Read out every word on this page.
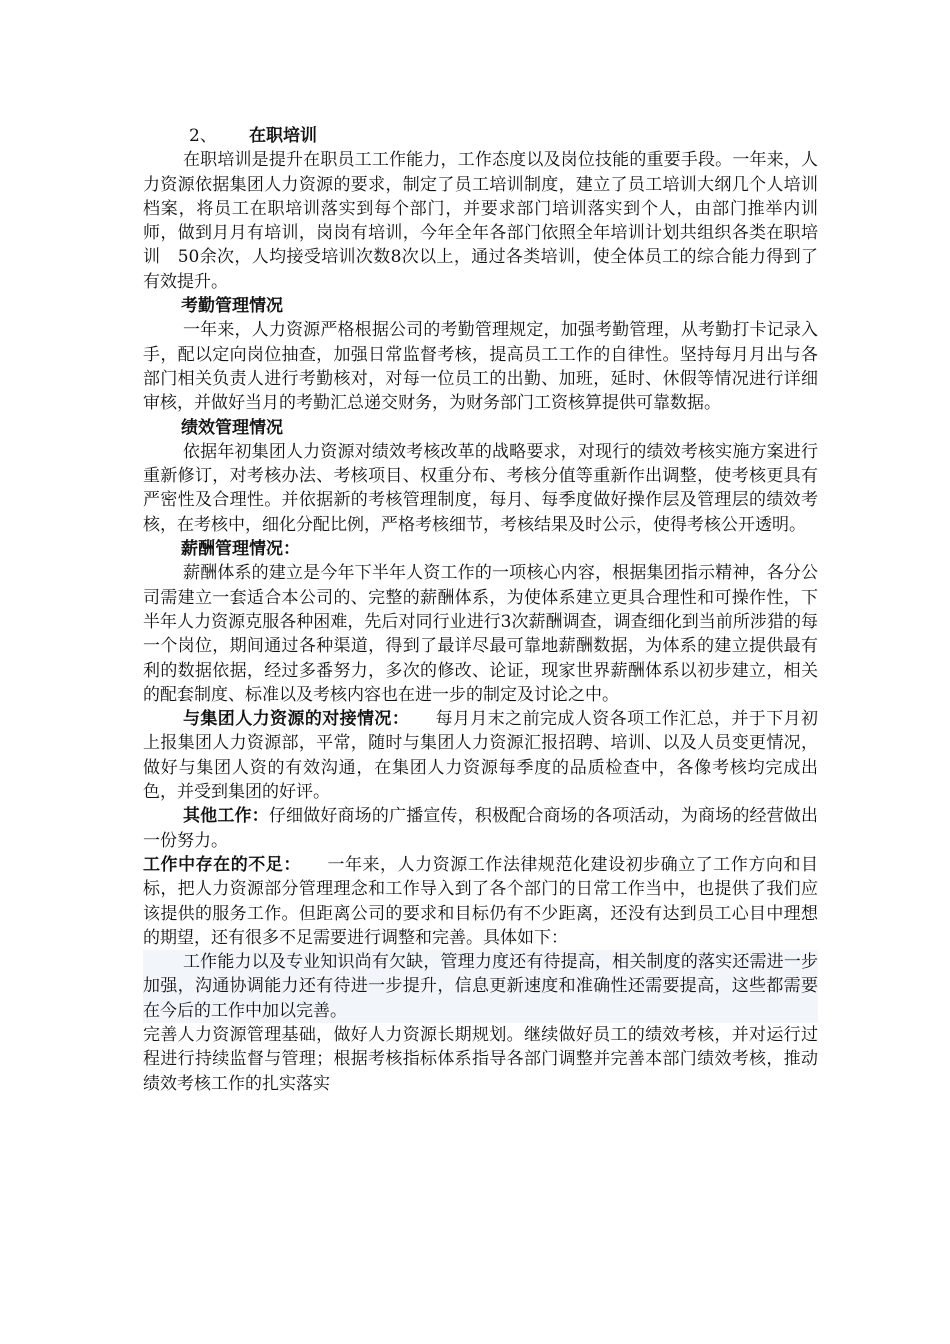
2、 在职培训

在职培训是提升在职员工工作能力，工作态度以及岗位技能的重要手段。一年来，人力资源依据集团人力资源的要求，制定了员工培训制度，建立了员工培训大纲几个人培训档案，将员工在职培训落实到每个部门，并要求部门培训落实到个人，由部门推举内训师，做到月月有培训，岗岗有培训，今年全年各部门依照全年培训计划共组织各类在职培训　50余次，人均接受培训次数8次以上，通过各类培训，使全体员工的综合能力得到了有效提升。

考勤管理情况

一年来，人力资源严格根据公司的考勤管理规定，加强考勤管理，从考勤打卡记录入手，配以定向岗位抽查，加强日常监督考核，提高员工工作的自律性。坚持每月月出与各部门相关负责人进行考勤核对，对每一位员工的出勤、加班，延时、休假等情况进行详细审核，并做好当月的考勤汇总递交财务，为财务部门工资核算提供可靠数据。

绩效管理情况

依据年初集团人力资源对绩效考核改革的战略要求，对现行的绩效考核实施方案进行重新修订，对考核办法、考核项目、权重分布、考核分值等重新作出调整，使考核更具有严密性及合理性。并依据新的考核管理制度，每月、每季度做好操作层及管理层的绩效考核，在考核中，细化分配比例，严格考核细节，考核结果及时公示，使得考核公开透明。

薪酬管理情况：

薪酬体系的建立是今年下半年人资工作的一项核心内容，根据集团指示精神，各分公司需建立一套适合本公司的、完整的薪酬体系，为使体系建立更具合理性和可操作性，下半年人力资源克服各种困难，先后对同行业进行3次薪酬调查，调查细化到当前所涉猎的每一个岗位，期间通过各种渠道，得到了最详尽最可靠地薪酬数据，为体系的建立提供最有利的数据依据，经过多番努力，多次的修改、论证，现家世界薪酬体系以初步建立，相关的配套制度、标准以及考核内容也在进一步的制定及讨论之中。

与集团人力资源的对接情况：　　每月月末之前完成人资各项工作汇总，并于下月初上报集团人力资源部，平常，随时与集团人力资源汇报招聘、培训、以及人员变更情况，做好与集团人资的有效沟通，在集团人力资源每季度的品质检查中，各像考核均完成出色，并受到集团的好评。

其他工作：仔细做好商场的广播宣传，积极配合商场的各项活动，为商场的经营做出一份努力。

工作中存在的不足：　　一年来，人力资源工作法律规范化建设初步确立了工作方向和目标，把人力资源部分管理理念和工作导入到了各个部门的日常工作当中，也提供了我们应该提供的服务工作。但距离公司的要求和目标仍有不少距离，还没有达到员工心目中理想的期望，还有很多不足需要进行调整和完善。具体如下：

工作能力以及专业知识尚有欠缺，管理力度还有待提高，相关制度的落实还需进一步加强，沟通协调能力还有待进一步提升，信息更新速度和准确性还需要提高，这些都需要在今后的工作中加以完善。

完善人力资源管理基础，做好人力资源长期规划。继续做好员工的绩效考核，并对运行过程进行持续监督与管理；根据考核指标体系指导各部门调整并完善本部门绩效考核，推动绩效考核工作的扎实落实
